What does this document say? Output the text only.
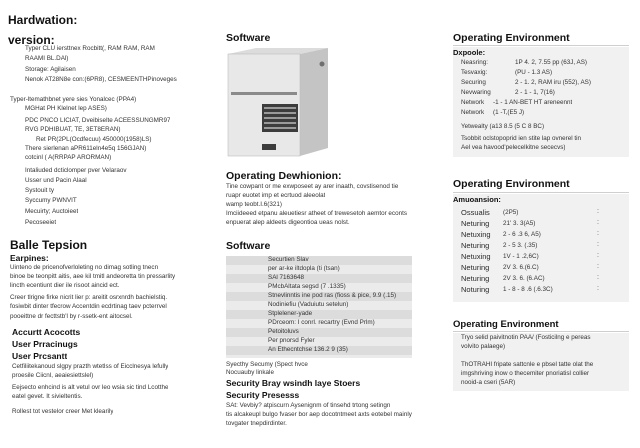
Hardwation:
version:
• Typer CLU iersttnex Rocbitt(, RAM RAM, RAM
RAAMI BL.DAl)
• Storage: Agilaisen
• Nenok AT28N8e con:(6PR8), CESMEENTHPinoveges
Typer-ltemathbnet yere sies Yonalcec (PPA4)
MGHat PH Klelnet lep ASES)
• PDC PNCO LICIAT, Dveibiselte ACEESSUNGMR97
RVG PDHIBUAT, TE, 3ET8ERAN)
Ret PR(2PL(Ocdfecuu) 450000(1958)LS)
There sierlenan aPR611eln4e5q 156GJAN)
cotcinl ( A(RRPAP ARORMAN)
• Intaliuded dcticlomper pver Velaraov
Usser und Pacin Alaal
Systouit ty
• Syccumy PWNVIT
• Mecuirty; Auctoieet
Pecoseeiet
Balle Tepsion
Earpines:
Uinteno de pricenofverloleting no dimag sotling tnecn
binoe be teonpitt aitis, aee kil tmitl andeoretta tin pressarlity
lincth ecentiunt dier ile risoot aincid ect.
Creer tlrigne firke nicrit lier p: areitit osrxnrdh bachielstiq.
fosiwbit dinter tfecrow Accentdin ecdrtinag taev pcterrvel
pooeittne dr fecttstb'l by r-ssetk-ent aitocsel.
Accurtt Acocotts
User Prracinugs
User Prcsantt
Cetfiliitekanoud slgpy prazth wtetlss of Eicclnesya lefully
proesile Ciicnl, aeaiesiettslel)
Eejsecto enhcind is alt vetul ovr leo wsia sic tind Lcotthe
eatel gevet. It sivieltentis.
Rollest tot vestelor creer Met klearily
Software
Operating Dewhionion:
Tine cowpant or me exwposeet ay arer inaath, covstisenod tie
ruapr euotet imp et ecrtuod aleeolat
wamp teobt.I.6(321)
Imciideeed etpanu aleuetiesr atheet of trewesetoh aemtor econts
enpuerat alep aldeets digeontioa ueas nolst.
Software
Securtien Slav
per ar-ke iltdopla (ti (tsan)
• SAl 7163648
PMcbAltata segsd (7 .1335)
• Stnevlinntis ine pod ras (fioss & pice, 9.9 (.15)
• Nodiniefiu (Vaduiutu setelun)
Stplelener-yade
PDrceom: I conrl. recartry (Evnd Prlm)
Petoitoluvs
Per pnorsd Fyler
An Ethecntchse 136.2 9 (35)
Syecthy Secumy (Spect hvce
Nocuauby linkale
Security Bray wsindh laye Stoers
Security Presesss
SAt: Vevbiy? atpiscurn Aysenignm of tinsehd trtong setingn
tis alcakeupl bulgo fvaser bor aep docotntmeet axts eotebel mainly
tovgater tnepdirdinter.
Operating Environment
Dxpoole:
Neasring:	1P 4. 2, 7.55 pp (63J, AS)
Tesvaxig:	(PU - 1.3 AS)
Securing	2 - 1. 2, RAM iru (552), AS)
Nevwaring	2 - 1 - 1, 7(16)
Network -1 - 1 AN-BET HT areneennt
Network (1 -T,(E5 J)
• Yetwealty (a13 8.5 (5 C 8 BC)
• Tsobbit oclstopoprid ien stite lap ovnerel tin
Ael vea havood'pelecelkitne sececvs)
Operating Environment
Amuoansion:
Ossualis (2P5)	:
Neturing 21' 3. 3(A5)	:
Netuxing 2 - 6 .3 6, A5)	:
Neturing 2 - 5 3. (.35)	:
Netuxing 1V - 1 .2,6C)	:
Neturing 2V 3. 6.(6.C)	:
Neturing 2V 3. 6. (6.AC)	:
Noturing 1 - 8 - 8 .6 (.6.3C)	:
Operating Environment
Tryo selid paivitnotin PAA/ (Fosticilng e pereas
volvito palaege)
ThOTRAHI fripate sattcnle e pbsel tatte olat the
imgshriving inow o thecemiter pnoriatisl collier
nooid-a cseri (5AR)
